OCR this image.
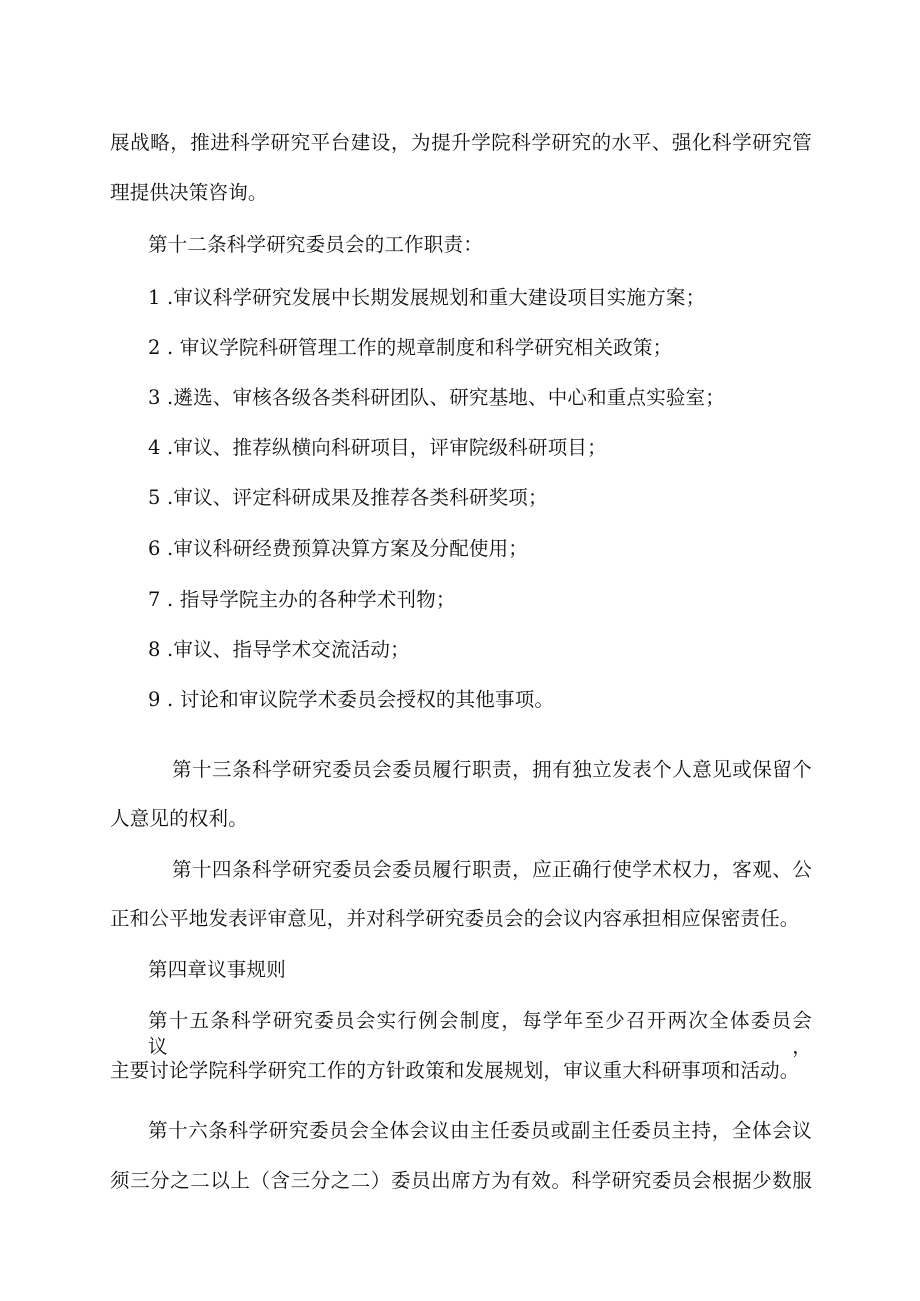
展战略，推进科学研究平台建设，为提升学院科学研究的水平、强化科学研究管
理提供决策咨询。
第十二条科学研究委员会的工作职责：
1 .审议科学研究发展中长期发展规划和重大建设项目实施方案；
2 . 审议学院科研管理工作的规章制度和科学研究相关政策；
3 .遴选、审核各级各类科研团队、研究基地、中心和重点实验室；
4 .审议、推荐纵横向科研项目，评审院级科研项目；
5 .审议、评定科研成果及推荐各类科研奖项；
6 .审议科研经费预算决算方案及分配使用；
7 . 指导学院主办的各种学术刊物；
8 .审议、指导学术交流活动；
9 . 讨论和审议院学术委员会授权的其他事项。
第十三条科学研究委员会委员履行职责，拥有独立发表个人意见或保留个
人意见的权利。
第十四条科学研究委员会委员履行职责，应正确行使学术权力，客观、公
正和公平地发表评审意见，并对科学研究委员会的会议内容承担相应保密责任。
第四章议事规则
第十五条科学研究委员会实行例会制度，每学年至少召开两次全体委员会议，
主要讨论学院科学研究工作的方针政策和发展规划，审议重大科研事项和活动。
第十六条科学研究委员会全体会议由主任委员或副主任委员主持，全体会议
须三分之二以上（含三分之二）委员出席方为有效。科学研究委员会根据少数服
